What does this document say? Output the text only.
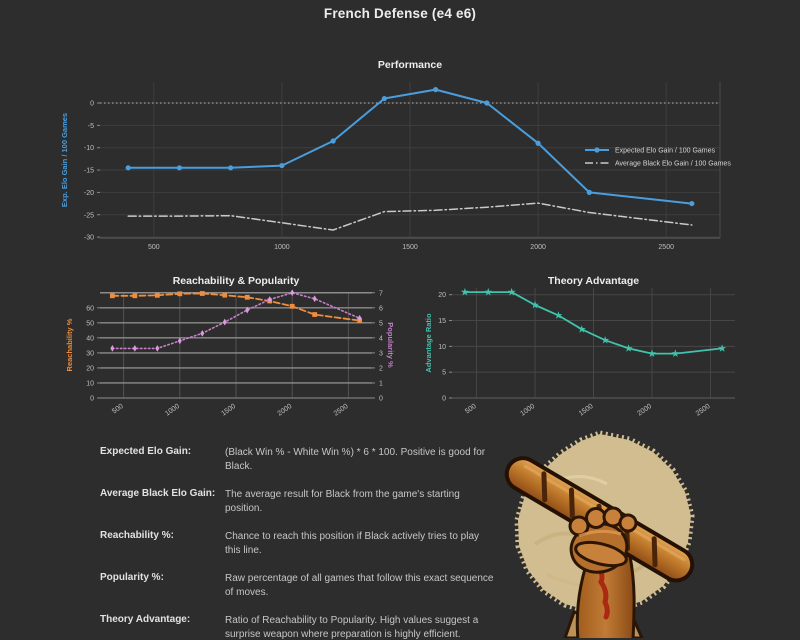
French Defense (e4 e6)
500	1000	1500	2000	2500
0
-5
-10
-15
-20
-25
-30
Performance
Exp. Elo Gain / 100 Games	Expected Elo Gain / 100 Games
Average Black Elo Gain / 100 Games
500	1000	1500	2000	2500
0
10
20
30
40
50
60
0
1
2
3
4
5
6
7
Reachability & Popularity
Reachability %	Popularity %
500	1000	1500	2000	2500
0
5
10
15
20
Theory Advantage
Advantage Ratio
Expected Elo Gain:	(Black Win % - White Win %) * 6 * 100. Positive is good for Black.
Average Black Elo Gain: The average result for Black from the game's starting position.
Reachability %:	Chance to reach this position if Black actively tries to play this line.
Popularity %:	Raw percentage of all games that follow this exact sequence of moves.
Theory Advantage:	Ratio of Reachability to Popularity. High values suggest a surprise weapon where preparation is highly efficient.
